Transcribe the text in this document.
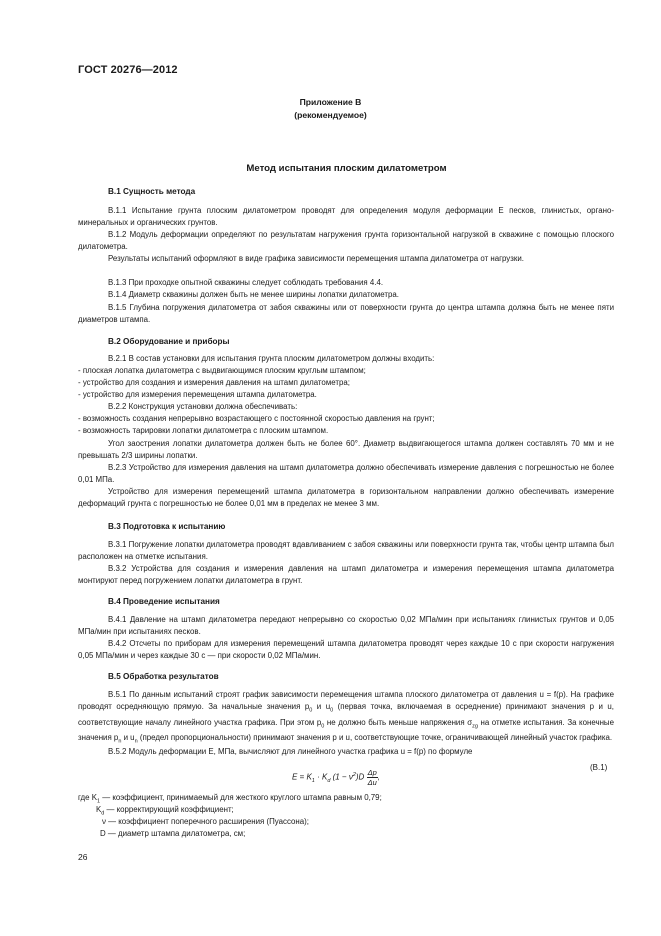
ГОСТ 20276—2012
Приложение В
(рекомендуемое)
Метод испытания плоским дилатометром
В.1 Сущность метода

В.1.1 Испытание грунта плоским дилатометром проводят для определения модуля деформации E песков, глинистых, органо-минеральных и органических грунтов.

В.1.2 Модуль деформации определяют по результатам нагружения грунта горизонтальной нагрузкой в скважине с помощью плоского дилатометра.

Результаты испытаний оформляют в виде графика зависимости перемещения штампа дилатометра от нагрузки.

В.1.3 При проходке опытной скважины следует соблюдать требования 4.4.

В.1.4 Диаметр скважины должен быть не менее ширины лопатки дилатометра.

В.1.5 Глубина погружения дилатометра от забоя скважины или от поверхности грунта до центра штампа должна быть не менее пяти диаметров штампа.

В.2 Оборудование и приборы

В.2.1 В состав установки для испытания грунта плоским дилатометром должны входить:

- плоская лопатка дилатометра с выдвигающимся плоским круглым штампом;

- устройство для создания и измерения давления на штамп дилатометра;

- устройство для измерения перемещения штампа дилатометра.

В.2.2 Конструкция установки должна обеспечивать:

- возможность создания непрерывно возрастающего с постоянной скоростью давления на грунт;

- возможность тарировки лопатки дилатометра с плоским штампом.

Угол заострения лопатки дилатометра должен быть не более 60°. Диаметр выдвигающегося штампа должен составлять 70 мм и не превышать 2/3 ширины лопатки.

В.2.3 Устройство для измерения давления на штамп дилатометра должно обеспечивать измерение давления с погрешностью не более 0,01 МПа.

Устройство для измерения перемещений штампа дилатометра в горизонтальном направлении должно обеспечивать измерение деформаций грунта с погрешностью не более 0,01 мм в пределах не менее 3 мм.

В.3 Подготовка к испытанию

В.3.1 Погружение лопатки дилатометра проводят вдавливанием с забоя скважины или поверхности грунта так, чтобы центр штампа был расположен на отметке испытания.

В.3.2 Устройства для создания и измерения давления на штамп дилатометра и измерения перемещения штампа дилатометра монтируют перед погружением лопатки дилатометра в грунт.

В.4 Проведение испытания

В.4.1 Давление на штамп дилатометра передают непрерывно со скоростью 0,02 МПа/мин при испытаниях глинистых грунтов и 0,05 МПа/мин при испытаниях песков.

В.4.2 Отсчеты по приборам для измерения перемещений штампа дилатометра проводят через каждые 10 с при скорости нагружения 0,05 МПа/мин и через каждые 30 с — при скорости 0,02 МПа/мин.

В.5 Обработка результатов

В.5.1 По данным испытаний строят график зависимости перемещения штампа плоского дилатометра от давления u = f(p). На графике проводят осредняющую прямую. За начальные значения $p_0$ и $u_0$ (первая точка, включаемая в осреднение) принимают значения p и u, соответствующие началу линейного участка графика. При этом $p_0$ не должно быть меньше напряжения $\sigma_{zg}$ на отметке испытания. За конечные значения $p_n$ и $u_n$ (предел пропорциональности) принимают значения p и u, соответствующие точке, ограничивающей линейный участок графика.

В.5.2 Модуль деформации E, МПа, вычисляют для линейного участка графика u = f(p) по формуле

$E = K_1 \cdot K_d$ $(1 - \nu^2)D \frac{\Delta p}{\Delta u}$ ,
(В.1)

где $K_1$ — коэффициент, принимаемый для жесткого круглого штампа равным 0,79;

$K_d$ — корректирующий коэффициент;

ν — коэффициент поперечного расширения (Пуассона);

D — диаметр штампа дилатометра, см;

26
